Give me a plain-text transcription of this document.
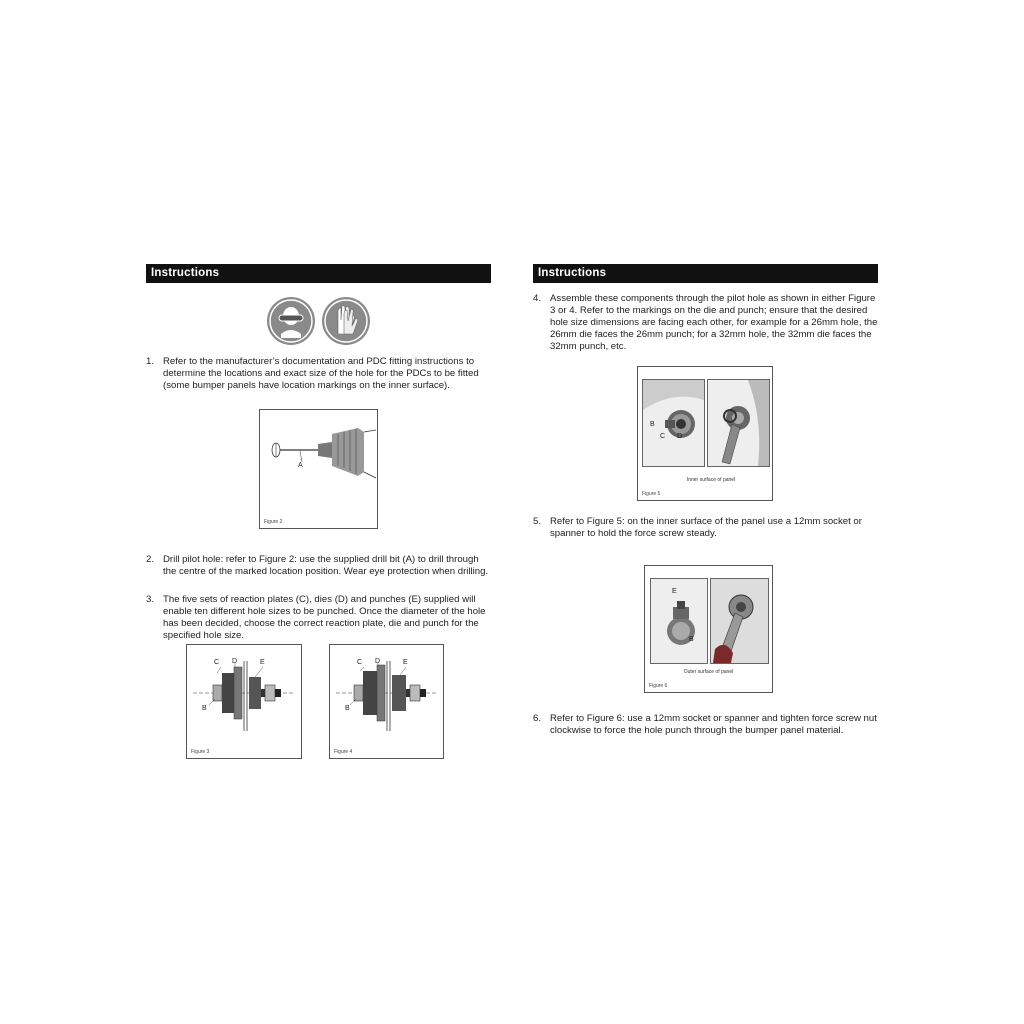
Instructions
1. Refer to the manufacturer’s documentation and PDC fitting instructions to determine the locations and exact size of the hole for the PDCs to be fitted (some bumper panels have location markings on the inner surface).
A
Figure 2
2. Drill pilot hole: refer to Figure 2: use the supplied drill bit (A) to drill through the centre of the marked location position. Wear eye protection when drilling.
3. The five sets of reaction plates (C), dies (D) and punches (E) supplied will enable ten different hole sizes to be punched. Once the diameter of the hole has been decided, choose the correct reaction plate, die and punch for the specified hole size.
C D	E
B
Figure 3
C D	E
B
Figure 4
Instructions
4. Assemble these components through the pilot hole as shown in either Figure 3 or 4. Refer to the markings on the die and punch; ensure that the desired hole size dimensions are facing each other, for example for a 26mm hole, the 26mm die faces the 26mm punch; for a 32mm hole, the 32mm die faces the 32mm punch, etc.
B
C D
Inner surface of panel
Figure 5
5. Refer to Figure 5: on the inner surface of the panel use a 12mm socket or spanner to hold the force screw steady.
E
B
Outer surface of panel
Figure 6
6. Refer to Figure 6: use a 12mm socket or spanner and tighten force screw nut clockwise to force the hole punch through the bumper panel material.
